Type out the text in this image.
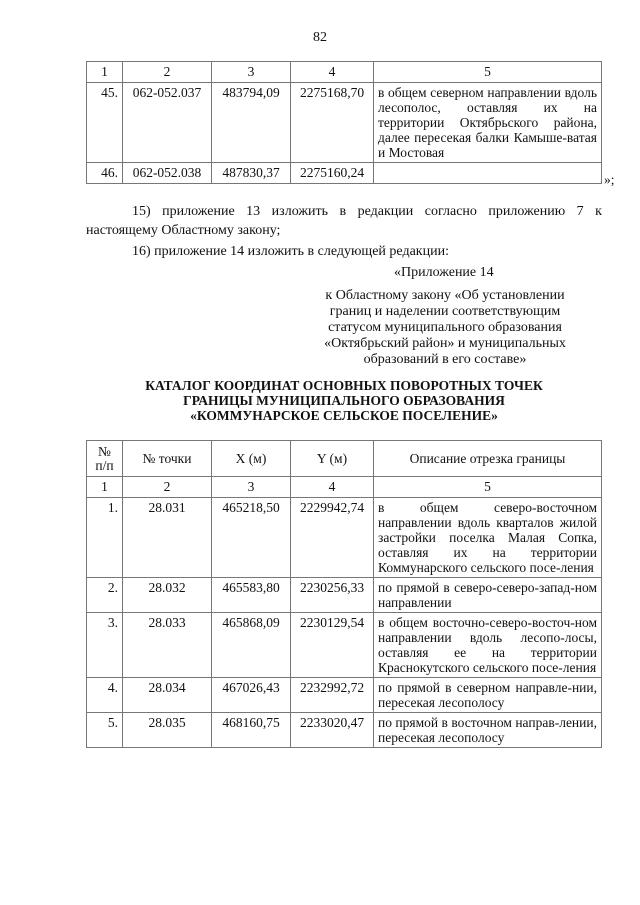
82
1	2	3	4	5
45.	062-052.037	483794,09	2275168,70	в общем северном направлении вдоль лесополос, оставляя их на территории Октябрьского района, далее пересекая балки Камыше-ватая и Мостовая
46.	062-052.038	487830,37	2275160,24		»;
15) приложение 13 изложить в редакции согласно приложению 7 к настоящему Областному закону;
16) приложение 14 изложить в следующей редакции:
«Приложение 14
к Областному закону «Об установлении
границ и наделении соответствующим
статусом муниципального образования
«Октябрьский район» и муниципальных
образований в его составе»
КАТАЛОГ КООРДИНАТ ОСНОВНЫХ ПОВОРОТНЫХ ТОЧЕК
ГРАНИЦЫ МУНИЦИПАЛЬНОГО ОБРАЗОВАНИЯ
«КОММУНАРСКОЕ СЕЛЬСКОЕ ПОСЕЛЕНИЕ»
№
п/п	№ точки	X (м)	Y (м)	Описание отрезка границы
1	2	3	4	5
1.	28.031	465218,50	2229942,74	в общем северо-восточном направлении вдоль кварталов жилой застройки поселка Малая Сопка, оставляя их на территории Коммунарского сельского посе-ления
2.	28.032	465583,80	2230256,33	по прямой в северо-северо-запад-ном направлении
3.	28.033	465868,09	2230129,54	в общем восточно-северо-восточ-ном направлении вдоль лесопо-лосы, оставляя ее на территории Краснокутского сельского посе-ления
4.	28.034	467026,43	2232992,72	по прямой в северном направле-нии, пересекая лесополосу
5.	28.035	468160,75	2233020,47	по прямой в восточном направ-лении, пересекая лесополосу
